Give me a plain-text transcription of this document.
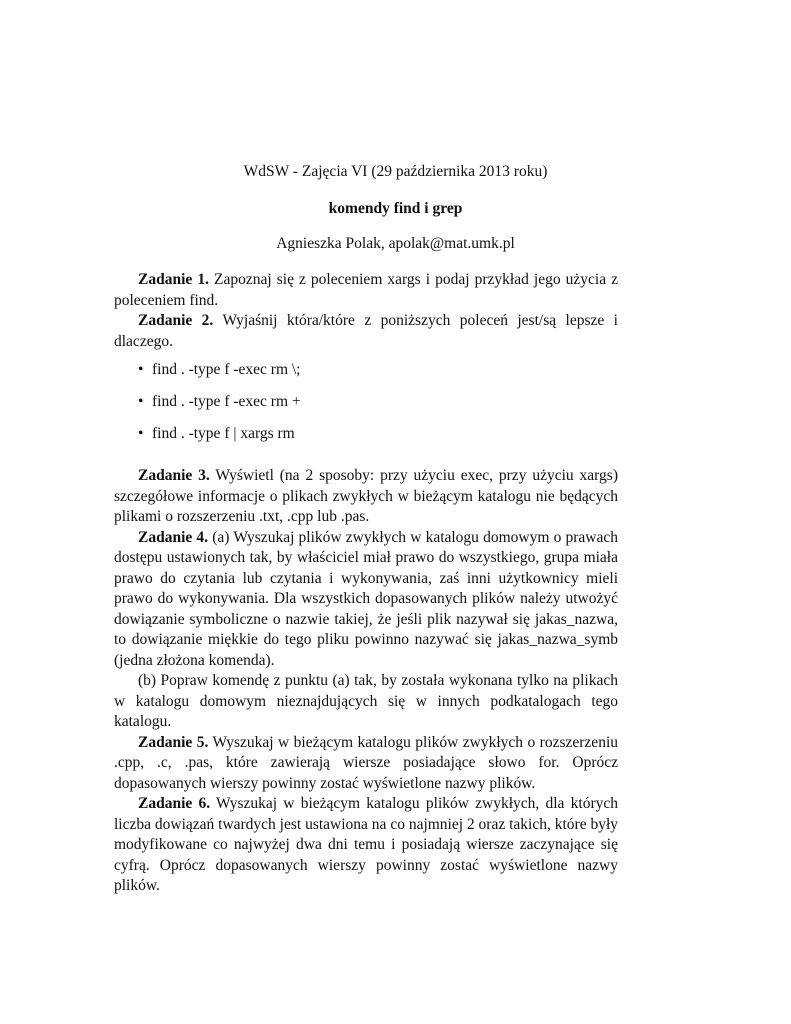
WdSW - Zajęcia VI (29 października 2013 roku)
komendy find i grep
Agnieszka Polak, apolak@mat.umk.pl

Zadanie 1. Zapoznaj się z poleceniem xargs i podaj przykład jego użycia z poleceniem find.

Zadanie 2. Wyjaśnij która/które z poniższych poleceń jest/są lepsze i dlaczego.

• find . -type f -exec rm \;
• find . -type f -exec rm +
• find . -type f | xargs rm

Zadanie 3. Wyświetl (na 2 sposoby: przy użyciu exec, przy użyciu xargs) szczegółowe informacje o plikach zwykłych w bieżącym katalogu nie będących plikami o rozszerzeniu .txt, .cpp lub .pas.

Zadanie 4. (a) Wyszukaj plików zwykłych w katalogu domowym o prawach dostępu ustawionych tak, by właściciel miał prawo do wszystkiego, grupa miała prawo do czytania lub czytania i wykonywania, zaś inni użytkownicy mieli prawo do wykonywania. Dla wszystkich dopasowanych plików należy utwożyć dowiązanie symboliczne o nazwie takiej, że jeśli plik nazywał się jakas_nazwa, to dowiązanie miękkie do tego pliku powinno nazywać się jakas_nazwa_symb (jedna złożona komenda).

(b) Popraw komendę z punktu (a) tak, by została wykonana tylko na plikach w katalogu domowym nieznajdujących się w innych podkatalogach tego katalogu.

Zadanie 5. Wyszukaj w bieżącym katalogu plików zwykłych o rozszerzeniu .cpp, .c, .pas, które zawierają wiersze posiadające słowo for. Oprócz dopasowanych wierszy powinny zostać wyświetlone nazwy plików.

Zadanie 6. Wyszukaj w bieżącym katalogu plików zwykłych, dla których liczba dowiązań twardych jest ustawiona na co najmniej 2 oraz takich, które były modyfikowane co najwyżej dwa dni temu i posiadają wiersze zaczynające się cyfrą. Oprócz dopasowanych wierszy powinny zostać wyświetlone nazwy plików.
